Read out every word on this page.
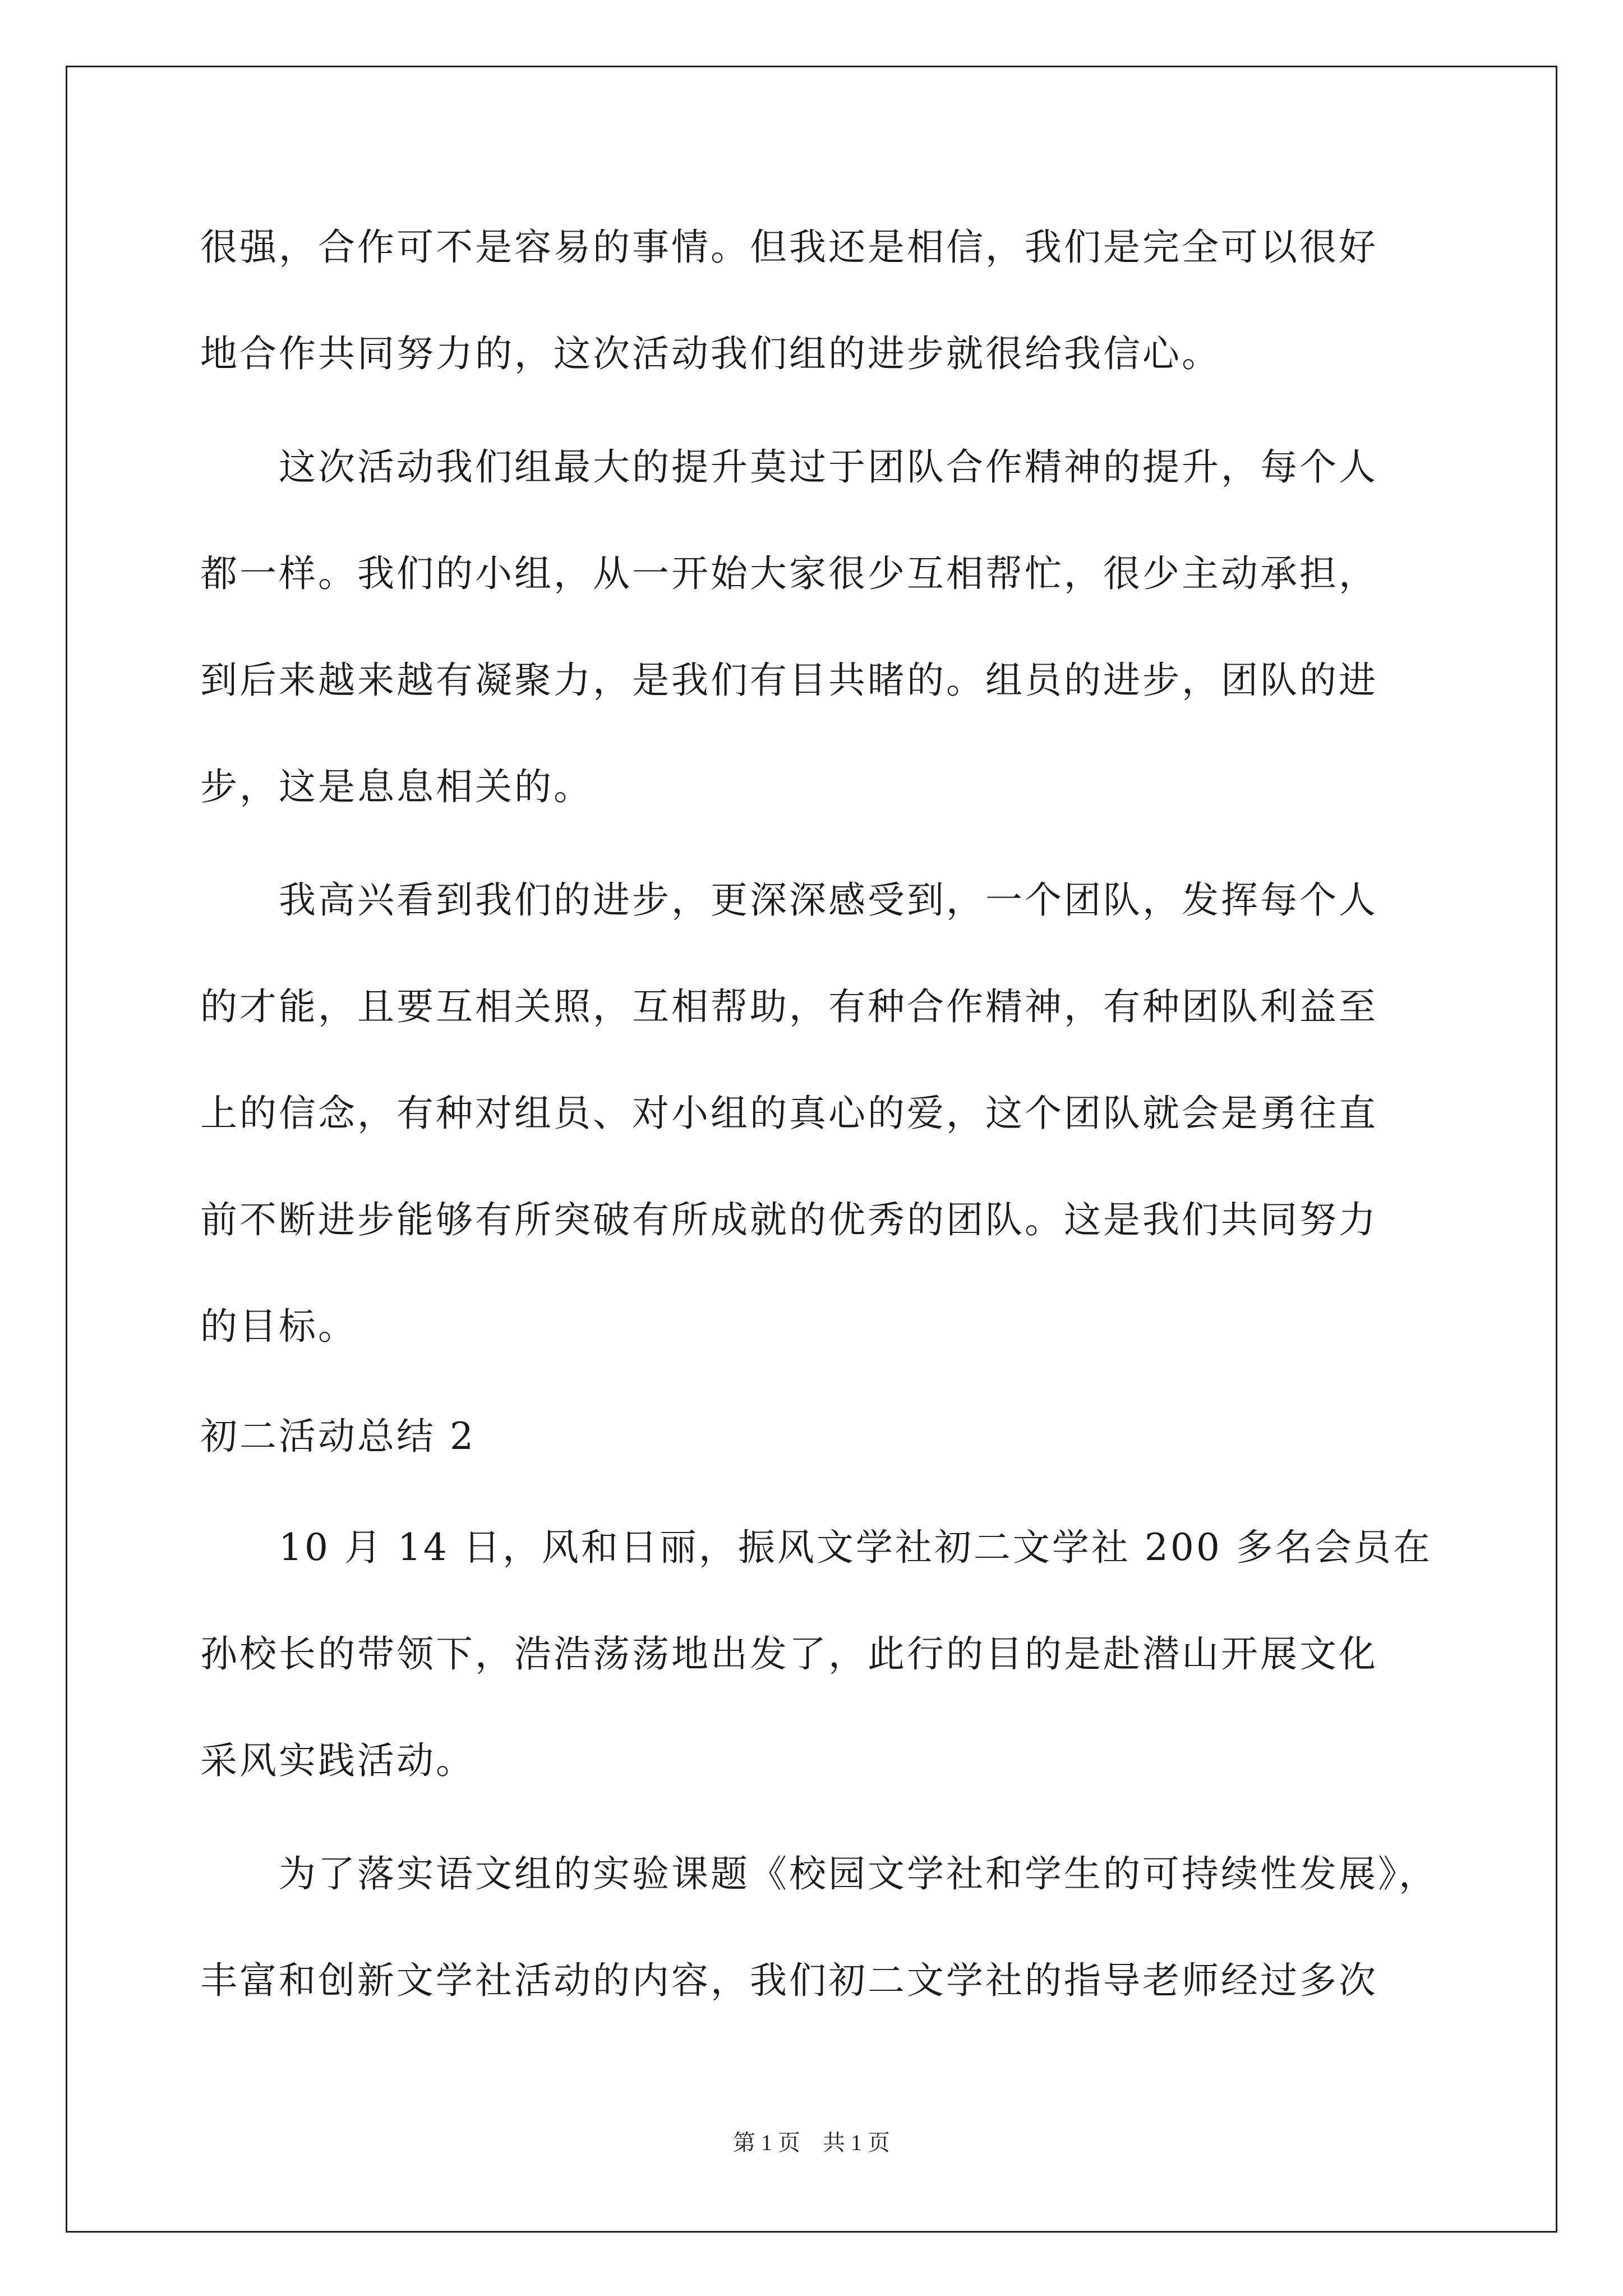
很强，合作可不是容易的事情。但我还是相信，我们是完全可以很好
地合作共同努力的，这次活动我们组的进步就很给我信心。
这次活动我们组最大的提升莫过于团队合作精神的提升，每个人
都一样。我们的小组，从一开始大家很少互相帮忙，很少主动承担，
到后来越来越有凝聚力，是我们有目共睹的。组员的进步，团队的进
步，这是息息相关的。
我高兴看到我们的进步，更深深感受到，一个团队，发挥每个人
的才能，且要互相关照，互相帮助，有种合作精神，有种团队利益至
上的信念，有种对组员、对小组的真心的爱，这个团队就会是勇往直
前不断进步能够有所突破有所成就的优秀的团队。这是我们共同努力
的目标。
初二活动总结 2
10 月 14 日，风和日丽，振风文学社初二文学社 200 多名会员在
孙校长的带领下，浩浩荡荡地出发了，此行的目的是赴潜山开展文化
采风实践活动。
为了落实语文组的实验课题《校园文学社和学生的可持续性发展》，
丰富和创新文学社活动的内容，我们初二文学社的指导老师经过多次
第 1 页　共 1 页
